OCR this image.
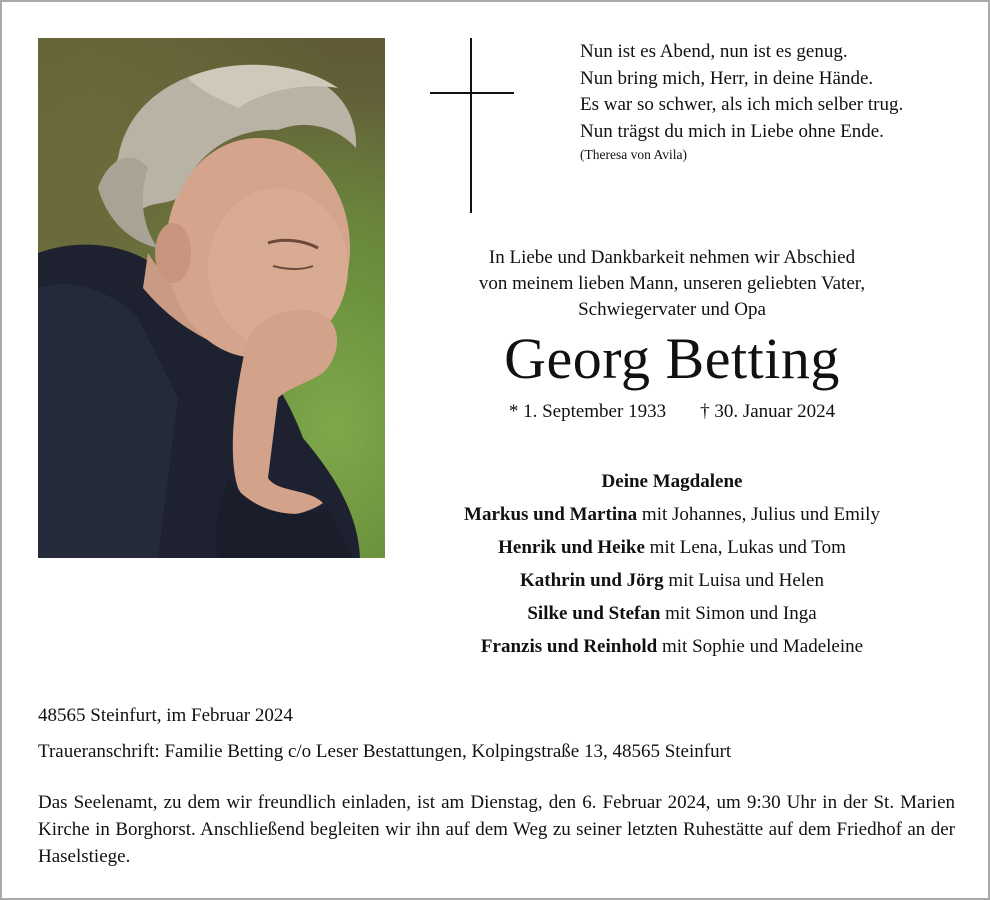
Nun ist es Abend, nun ist es genug.
Nun bring mich, Herr, in deine Hände.
Es war so schwer, als ich mich selber trug.
Nun trägst du mich in Liebe ohne Ende.
(Theresa von Avila)
In Liebe und Dankbarkeit nehmen wir Abschied
von meinem lieben Mann, unseren geliebten Vater,
Schwiegervater und Opa
Georg Betting
* 1. September 1933 † 30. Januar 2024
Deine Magdalene
Markus und Martina mit Johannes, Julius und Emily
Henrik und Heike mit Lena, Lukas und Tom
Kathrin und Jörg mit Luisa und Helen
Silke und Stefan mit Simon und Inga
Franzis und Reinhold mit Sophie und Madeleine
48565 Steinfurt, im Februar 2024
Traueranschrift: Familie Betting c/o Leser Bestattungen, Kolpingstraße 13, 48565 Steinfurt
Das Seelenamt, zu dem wir freundlich einladen, ist am Dienstag, den 6. Februar 2024, um 9:30 Uhr in der St. Marien Kirche in Borghorst. Anschließend begleiten wir ihn auf dem Weg zu seiner letzten Ruhestätte auf dem Friedhof an der Haselstiege.
